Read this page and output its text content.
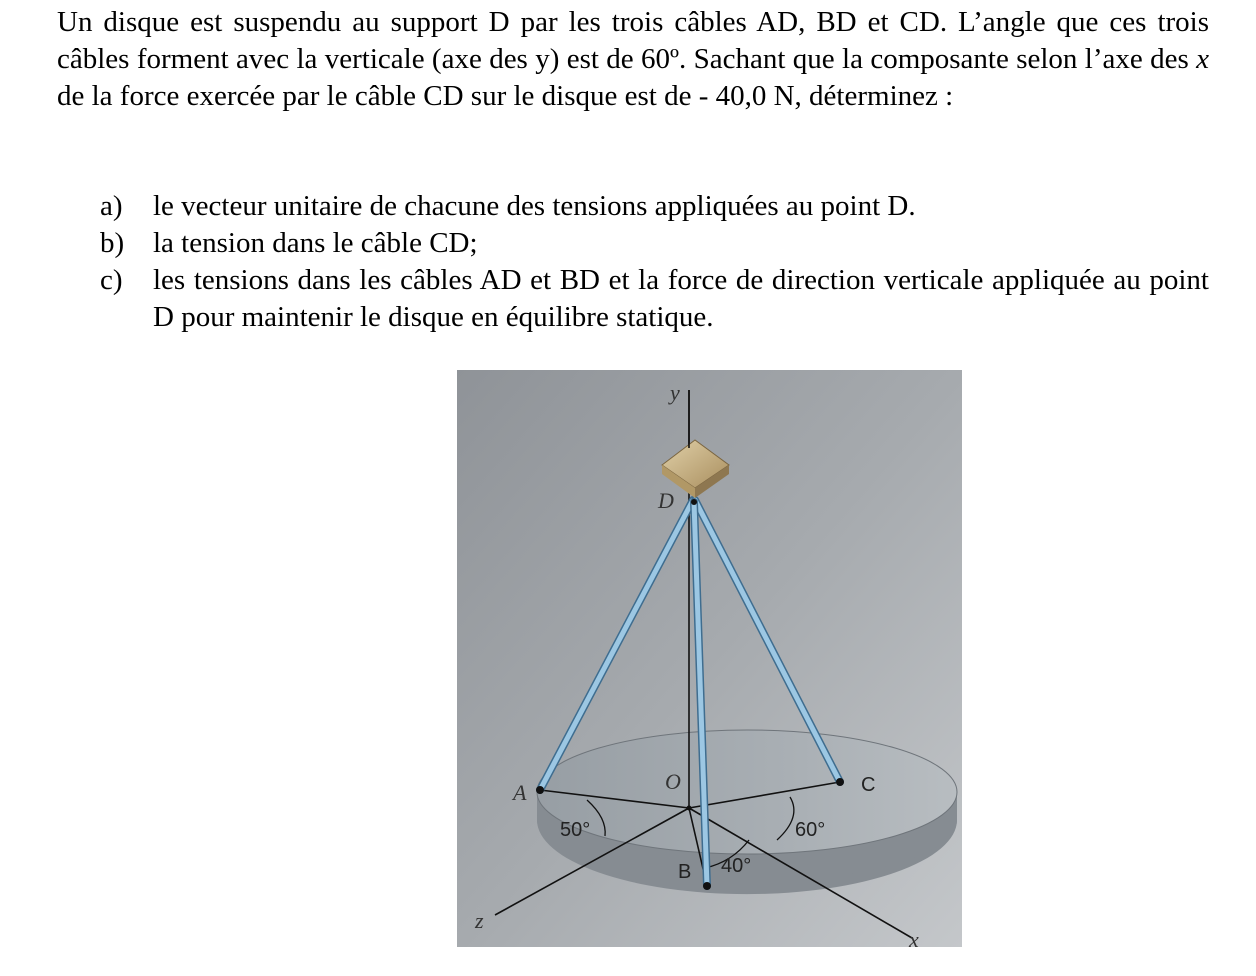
Un disque est suspendu au support D par les trois câbles AD, BD et CD. L’angle que ces trois câbles forment avec la verticale (axe des y) est de 60º. Sachant que la composante selon l’axe des x de la force exercée par le câble CD sur le disque est de - 40,0 N, déterminez :

a) le vecteur unitaire de chacune des tensions appliquées au point D.
b) la tension dans le câble CD;
c) les tensions dans les câbles AD et BD et la force de direction verticale appliquée au point D pour maintenir le disque en équilibre statique.
y
D
A	O	C
B
50°	60°
40°
z
x
